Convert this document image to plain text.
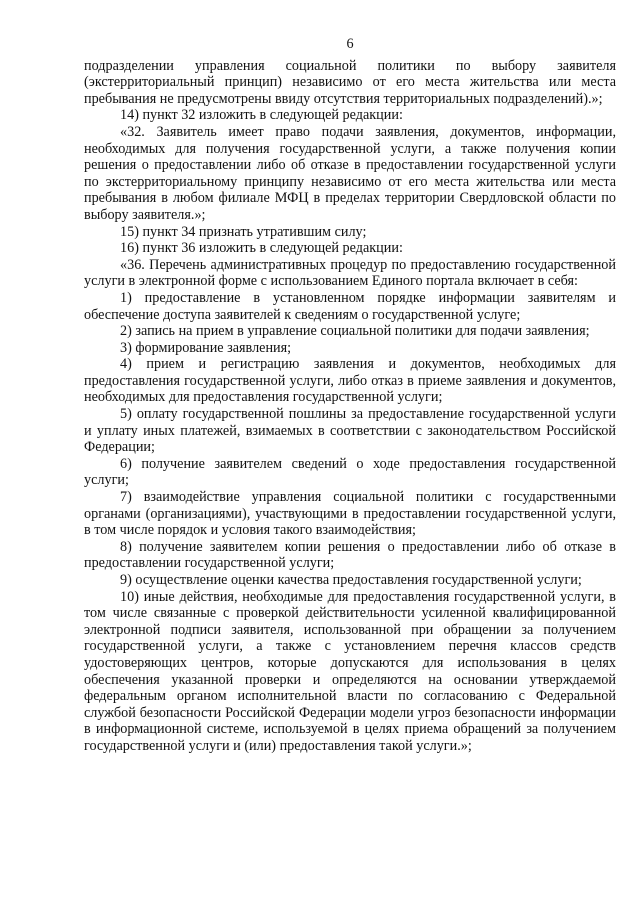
6

подразделении управления социальной политики по выбору заявителя (экстерриториальный принцип) независимо от его места жительства или места пребывания не предусмотрены ввиду отсутствия территориальных подразделений).»;

14) пункт 32 изложить в следующей редакции:

«32. Заявитель имеет право подачи заявления, документов, информации, необходимых для получения государственной услуги, а также получения копии решения о предоставлении либо об отказе в предоставлении государственной услуги по экстерриториальному принципу независимо от его места жительства или места пребывания в любом филиале МФЦ в пределах территории Свердловской области по выбору заявителя.»;

15) пункт 34 признать утратившим силу;

16) пункт 36 изложить в следующей редакции:

«36. Перечень административных процедур по предоставлению государственной услуги в электронной форме с использованием Единого портала включает в себя:

1) предоставление в установленном порядке информации заявителям и обеспечение доступа заявителей к сведениям о государственной услуге;

2) запись на прием в управление социальной политики для подачи заявления;

3) формирование заявления;

4) прием и регистрацию заявления и документов, необходимых для предоставления государственной услуги, либо отказ в приеме заявления и документов, необходимых для предоставления государственной услуги;

5) оплату государственной пошлины за предоставление государственной услуги и уплату иных платежей, взимаемых в соответствии с законодательством Российской Федерации;

6) получение заявителем сведений о ходе предоставления государственной услуги;

7) взаимодействие управления социальной политики с государственными органами (организациями), участвующими в предоставлении государственной услуги, в том числе порядок и условия такого взаимодействия;

8) получение заявителем копии решения о предоставлении либо об отказе в предоставлении государственной услуги;

9) осуществление оценки качества предоставления государственной услуги;

10) иные действия, необходимые для предоставления государственной услуги, в том числе связанные с проверкой действительности усиленной квалифицированной электронной подписи заявителя, использованной при обращении за получением государственной услуги, а также с установлением перечня классов средств удостоверяющих центров, которые допускаются для использования в целях обеспечения указанной проверки и определяются на основании утверждаемой федеральным органом исполнительной власти по согласованию с Федеральной службой безопасности Российской Федерации модели угроз безопасности информации в информационной системе, используемой в целях приема обращений за получением государственной услуги и (или) предоставления такой услуги.»;
